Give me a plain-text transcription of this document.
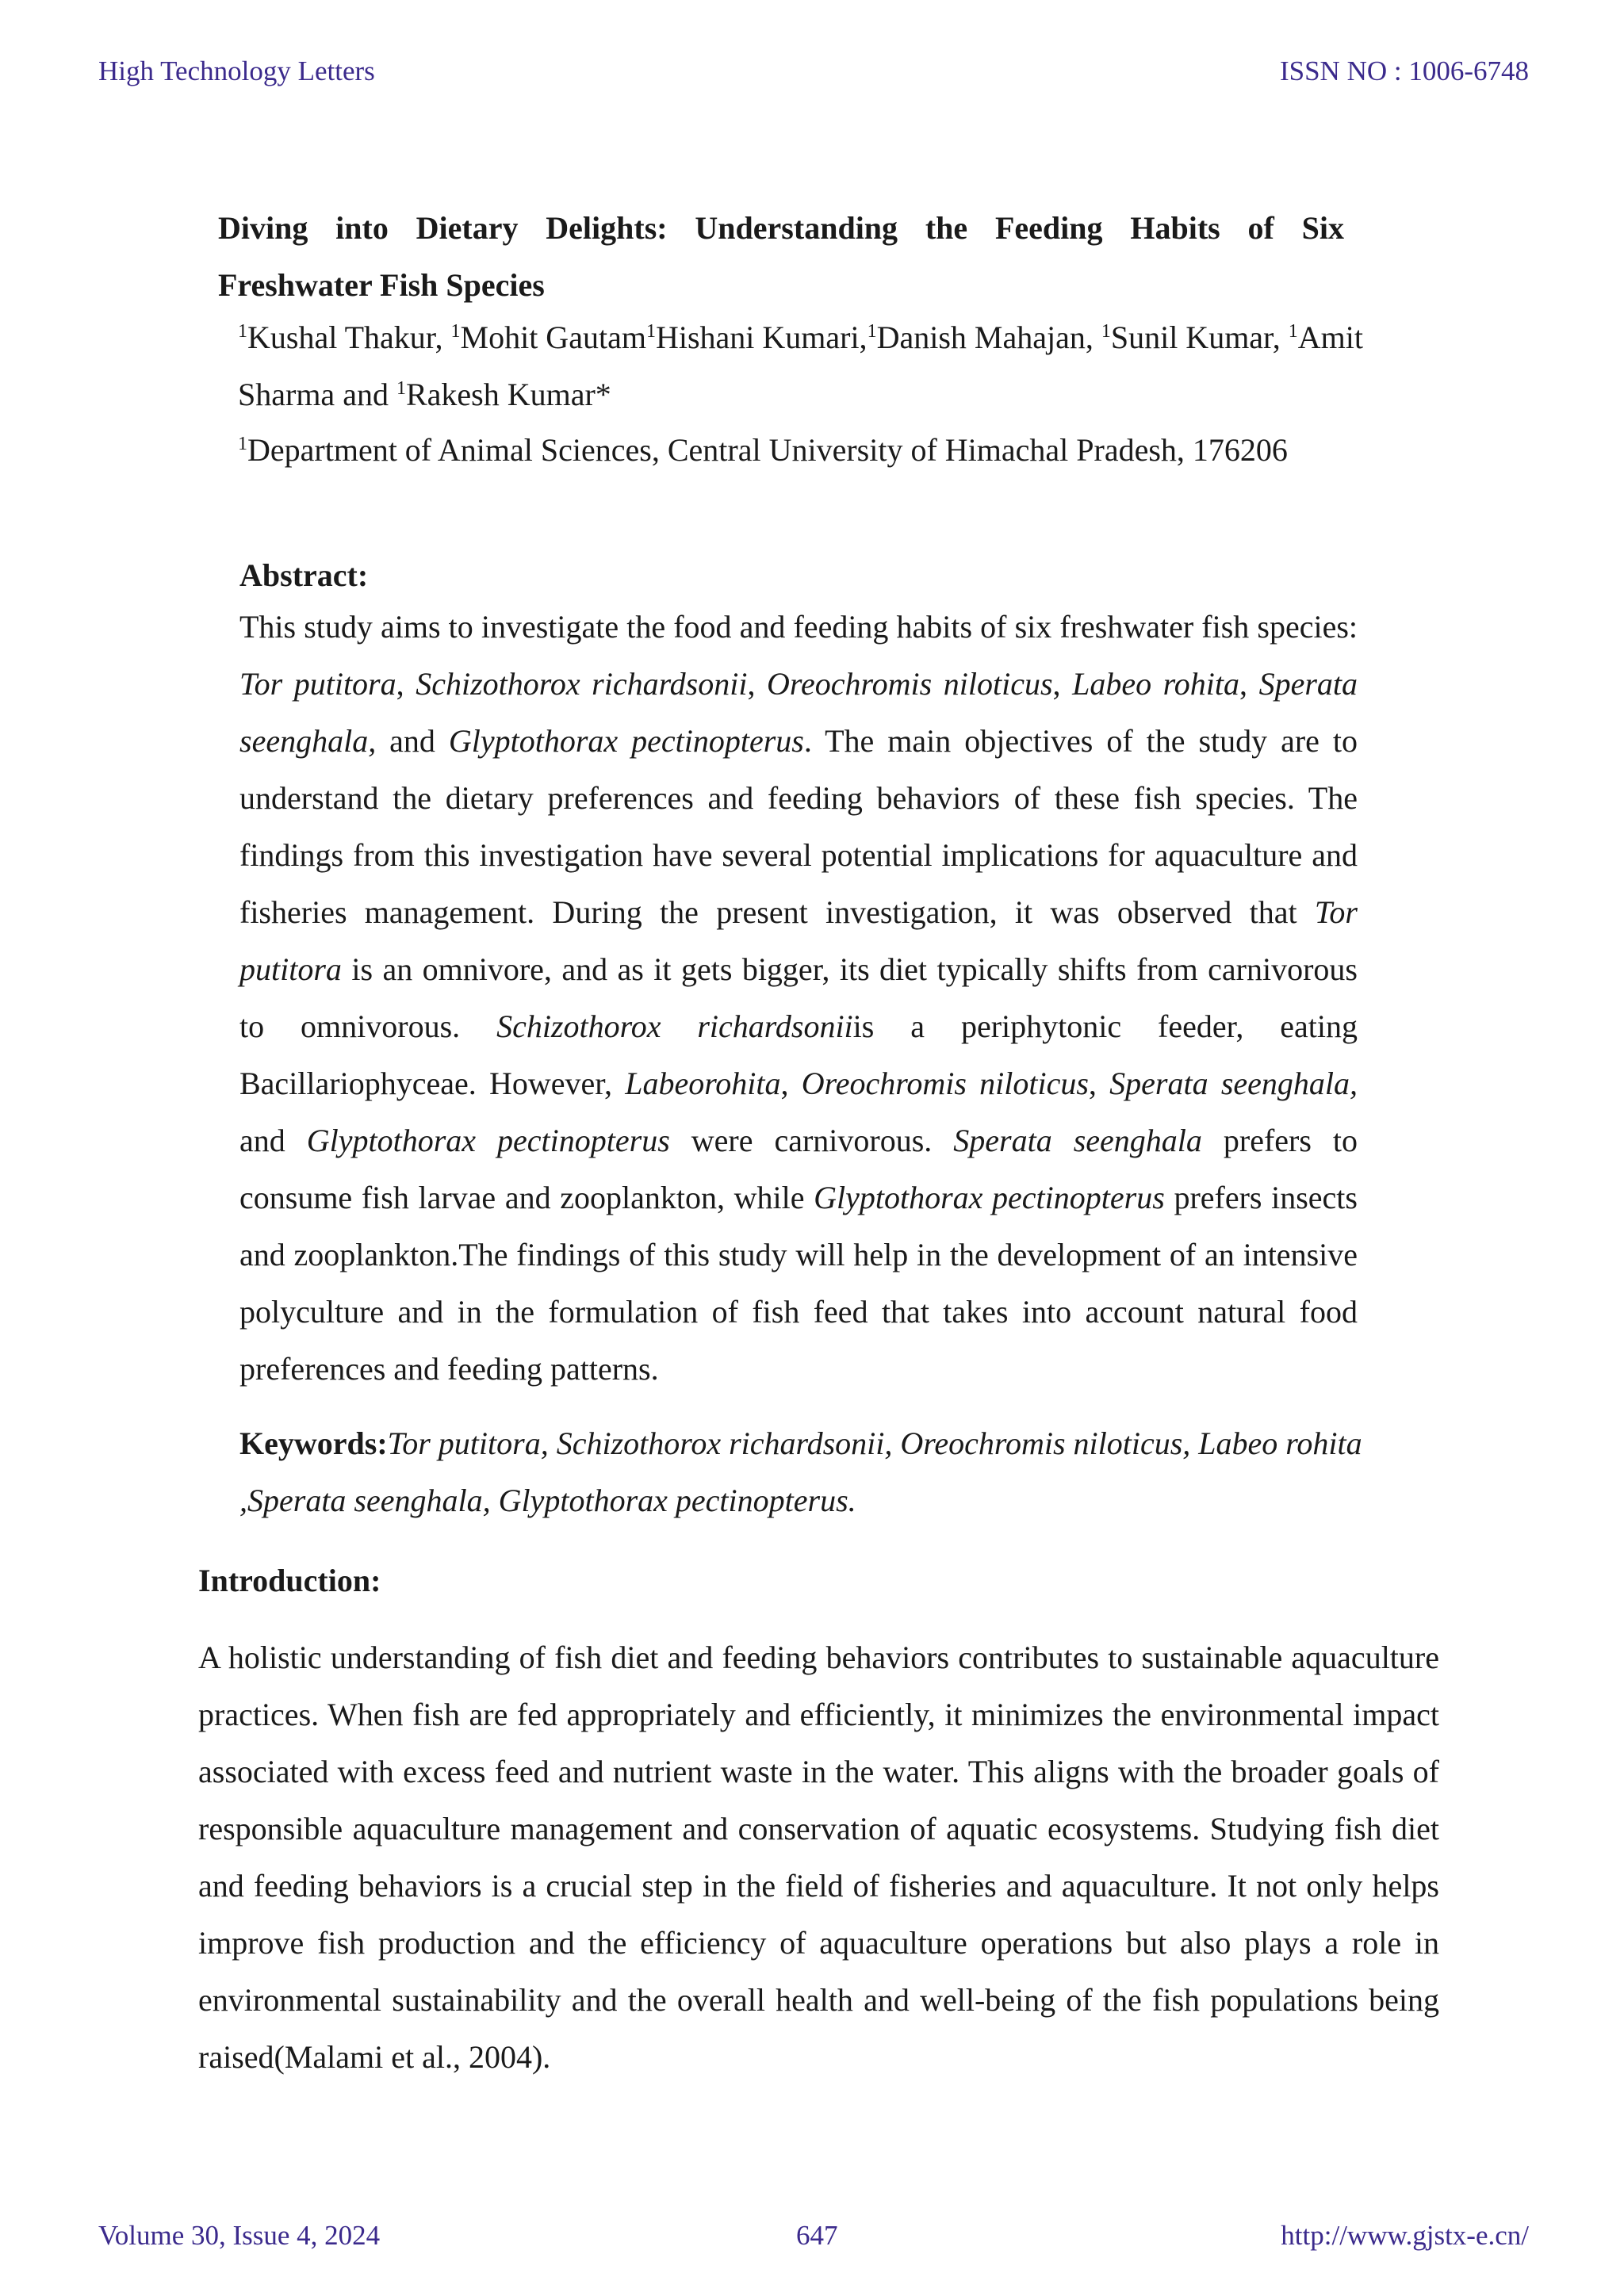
High Technology Letters	ISSN NO : 1006-6748
Diving into Dietary Delights: Understanding the Feeding Habits of Six
Freshwater Fish Species
$^1$Kushal Thakur, $^1$Mohit Gautam$^1$Hishani Kumari,$^1$Danish Mahajan, $^1$Sunil Kumar, $^1$Amit Sharma and $^1$Rakesh Kumar*
$^1$Department of Animal Sciences, Central University of Himachal Pradesh, 176206
Abstract:
This study aims to investigate the food and feeding habits of six freshwater fish species: Tor putitora, Schizothorox richardsonii, Oreochromis niloticus, Labeo rohita, Sperata seenghala, and Glyptothorax pectinopterus. The main objectives of the study are to understand the dietary preferences and feeding behaviors of these fish species. The findings from this investigation have several potential implications for aquaculture and fisheries management. During the present investigation, it was observed that Tor putitora is an omnivore, and as it gets bigger, its diet typically shifts from carnivorous to omnivorous. Schizothorox richardsoniiis a periphytonic feeder, eating Bacillariophyceae. However, Labeorohita, Oreochromis niloticus, Sperata seenghala, and Glyptothorax pectinopterus were carnivorous. Sperata seenghala prefers to consume fish larvae and zooplankton, while Glyptothorax pectinopterus prefers insects and zooplankton.The findings of this study will help in the development of an intensive polyculture and in the formulation of fish feed that takes into account natural food preferences and feeding patterns.
Keywords:Tor putitora, Schizothorox richardsonii, Oreochromis niloticus, Labeo rohita ,Sperata seenghala, Glyptothorax pectinopterus.
Introduction:
A holistic understanding of fish diet and feeding behaviors contributes to sustainable aquaculture practices. When fish are fed appropriately and efficiently, it minimizes the environmental impact associated with excess feed and nutrient waste in the water. This aligns with the broader goals of responsible aquaculture management and conservation of aquatic ecosystems. Studying fish diet and feeding behaviors is a crucial step in the field of fisheries and aquaculture. It not only helps improve fish production and the efficiency of aquaculture operations but also plays a role in environmental sustainability and the overall health and well-being of the fish populations being raised(Malami et al., 2004).
Volume 30, Issue 4, 2024	647	http://www.gjstx-e.cn/
